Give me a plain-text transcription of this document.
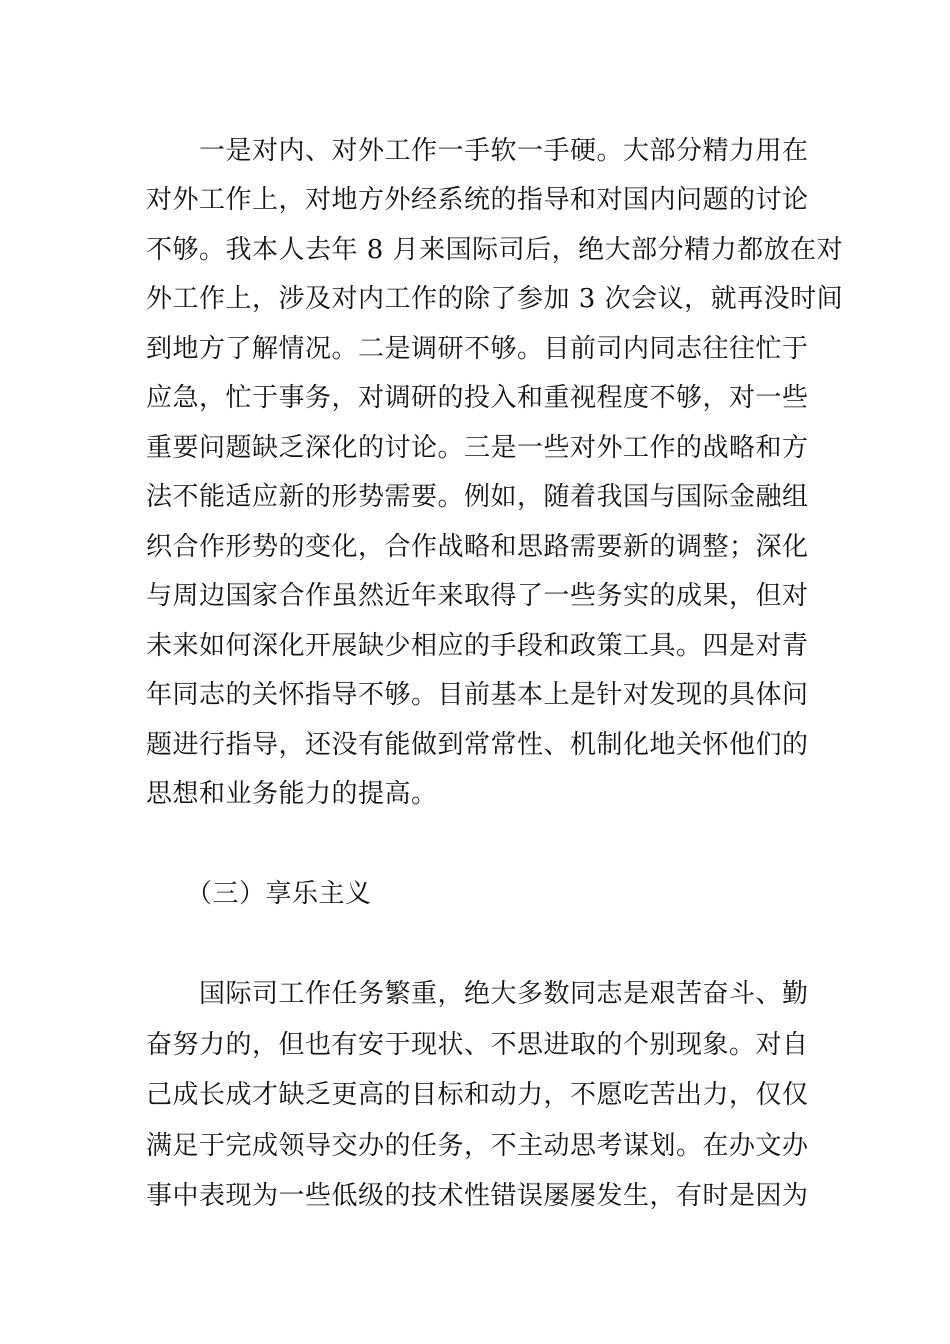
　　一是对内、对外工作一手软一手硬。大部分精力用在
对外工作上，对地方外经系统的指导和对国内问题的讨论
不够。我本人去年 8 月来国际司后，绝大部分精力都放在对
外工作上，涉及对内工作的除了参加 3 次会议，就再没时间
到地方了解情况。二是调研不够。目前司内同志往往忙于
应急，忙于事务，对调研的投入和重视程度不够，对一些
重要问题缺乏深化的讨论。三是一些对外工作的战略和方
法不能适应新的形势需要。例如，随着我国与国际金融组
织合作形势的变化，合作战略和思路需要新的调整；深化
与周边国家合作虽然近年来取得了一些务实的成果，但对
未来如何深化开展缺少相应的手段和政策工具。四是对青
年同志的关怀指导不够。目前基本上是针对发现的具体问
题进行指导，还没有能做到常常性、机制化地关怀他们的
思想和业务能力的提高。
　　（三）享乐主义
　　国际司工作任务繁重，绝大多数同志是艰苦奋斗、勤
奋努力的，但也有安于现状、不思进取的个别现象。对自
己成长成才缺乏更高的目标和动力，不愿吃苦出力，仅仅
满足于完成领导交办的任务，不主动思考谋划。在办文办
事中表现为一些低级的技术性错误屡屡发生，有时是因为
